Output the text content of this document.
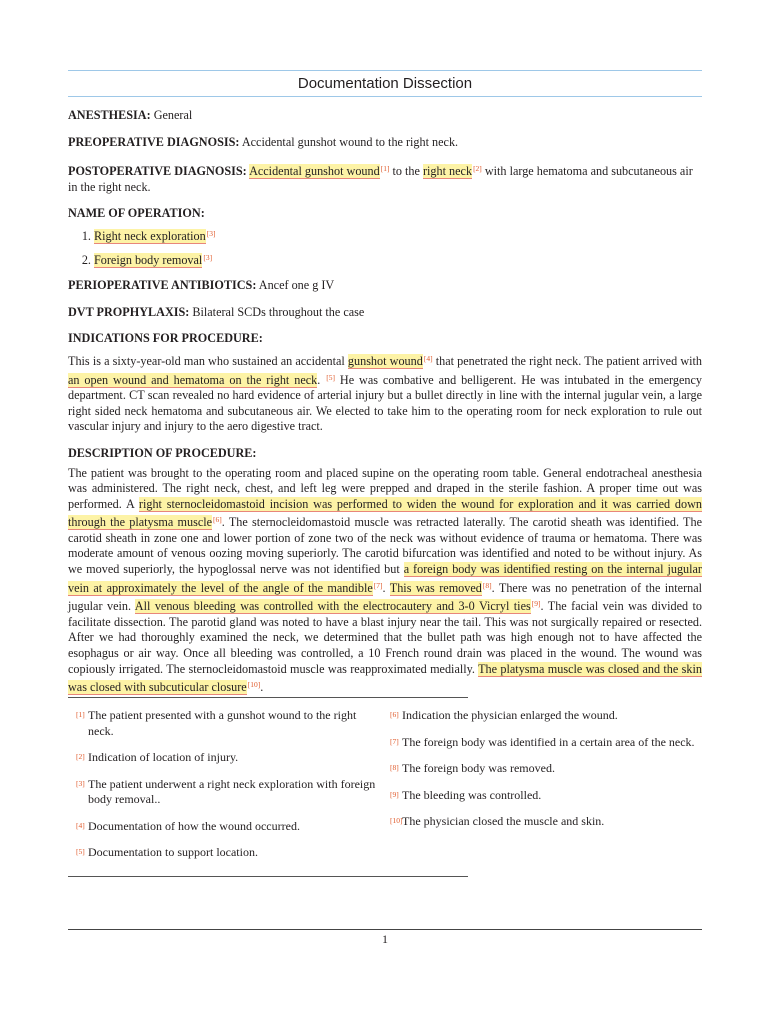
Documentation Dissection

ANESTHESIA: General

PREOPERATIVE DIAGNOSIS: Accidental gunshot wound to the right neck.

POSTOPERATIVE DIAGNOSIS: Accidental gunshot wound[1] to the right neck[2] with large hematoma and subcutaneous air in the right neck.

NAME OF OPERATION:
1. Right neck exploration[3]
2. Foreign body removal[3]

PERIOPERATIVE ANTIBIOTICS: Ancef one g IV

DVT PROPHYLAXIS: Bilateral SCDs throughout the case

INDICATIONS FOR PROCEDURE:

This is a sixty-year-old man who sustained an accidental gunshot wound[4] that penetrated the right neck. The patient arrived with an open wound and hematoma on the right neck. [5] He was combative and belligerent. He was intubated in the emergency department. CT scan revealed no hard evidence of arterial injury but a bullet directly in line with the internal jugular vein, a large right sided neck hematoma and subcutaneous air. We elected to take him to the operating room for neck exploration to rule out vascular injury and injury to the aero digestive tract.

DESCRIPTION OF PROCEDURE:

The patient was brought to the operating room and placed supine on the operating room table. General endotracheal anesthesia was administered. The right neck, chest, and left leg were prepped and draped in the sterile fashion. A proper time out was performed. A right sternocleidomastoid incision was performed to widen the wound for exploration and it was carried down through the platysma muscle[6]. The sternocleidomastoid muscle was retracted laterally. The carotid sheath was identified. The carotid sheath in zone one and lower portion of zone two of the neck was without evidence of trauma or hematoma. There was moderate amount of venous oozing moving superiorly. The carotid bifurcation was identified and noted to be without injury. As we moved superiorly, the hypoglossal nerve was not identified but a foreign body was identified resting on the internal jugular vein at approximately the level of the angle of the mandible[7]. This was removed[8]. There was no penetration of the internal jugular vein. All venous bleeding was controlled with the electrocautery and 3-0 Vicryl ties[9]. The facial vein was divided to facilitate dissection. The parotid gland was noted to have a blast injury near the tail. This was not surgically repaired or resected. After we had thoroughly examined the neck, we determined that the bullet path was high enough not to have affected the esophagus or air way. Once all bleeding was controlled, a 10 French round drain was placed in the wound. The wound was copiously irrigated. The sternocleidomastoid muscle was reapproximated medially. The platysma muscle was closed and the skin was closed with subcuticular closure[10].

[1] The patient presented with a gunshot wound to the right neck.
[2] Indication of location of injury.
[3] The patient underwent a right neck exploration with foreign body removal..
[4] Documentation of how the wound occurred.
[5] Documentation to support location.
[6] Indication the physician enlarged the wound.
[7] The foreign body was identified in a certain area of the neck.
[8] The foreign body was removed.
[9] The bleeding was controlled.
[10] The physician closed the muscle and skin.
1
